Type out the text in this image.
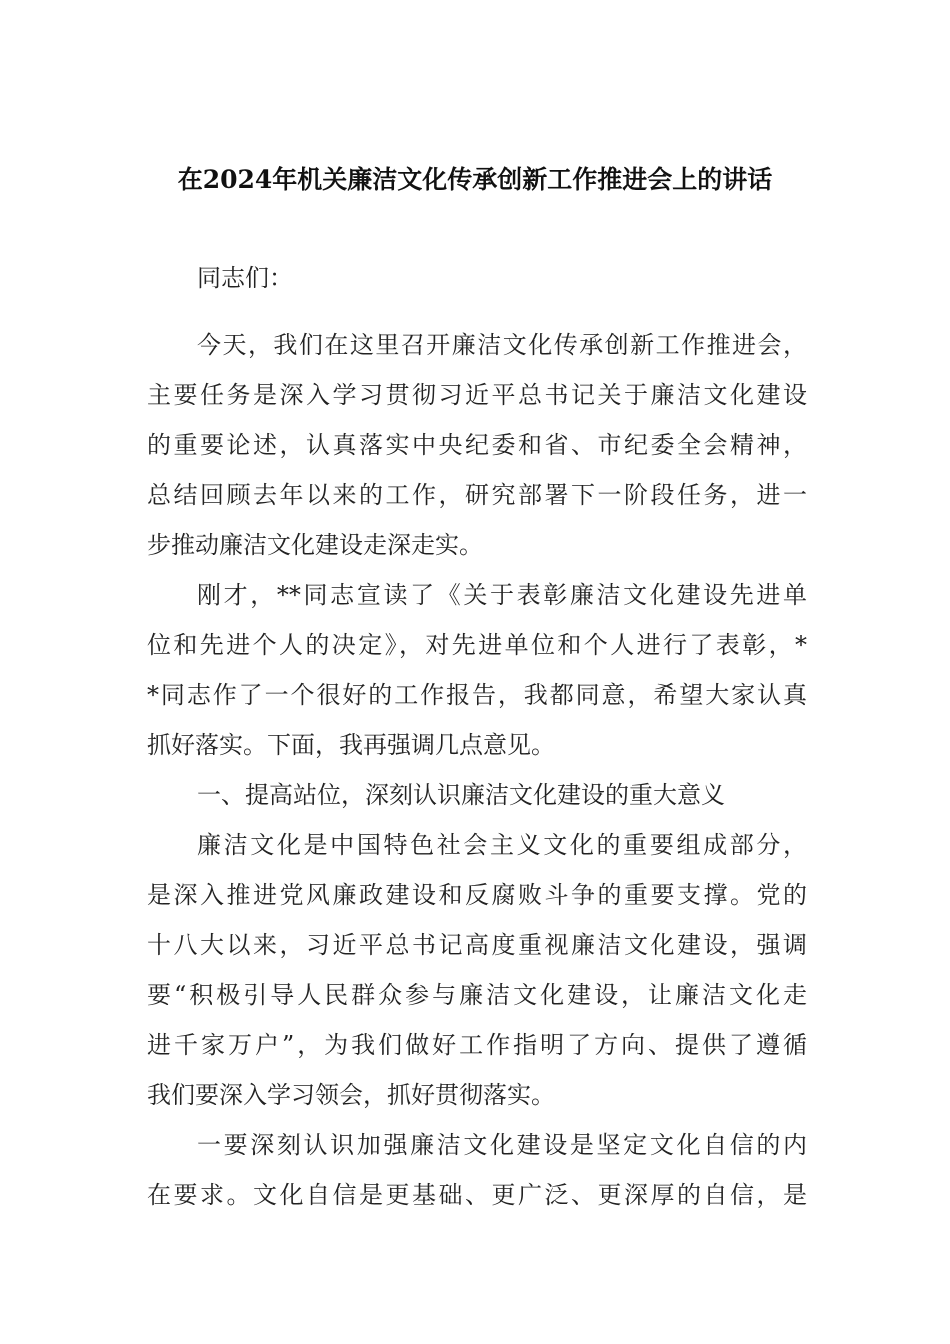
在2024年机关廉洁文化传承创新工作推进会上的讲话
同志们：
今天，我们在这里召开廉洁文化传承创新工作推进会，
主要任务是深入学习贯彻习近平总书记关于廉洁文化建设
的重要论述，认真落实中央纪委和省、市纪委全会精神，
总结回顾去年以来的工作，研究部署下一阶段任务，进一
步推动廉洁文化建设走深走实。
刚才，**同志宣读了《关于表彰廉洁文化建设先进单
位和先进个人的决定》，对先进单位和个人进行了表彰，*
*同志作了一个很好的工作报告，我都同意，希望大家认真
抓好落实。下面，我再强调几点意见。
一、提高站位，深刻认识廉洁文化建设的重大意义
廉洁文化是中国特色社会主义文化的重要组成部分，
是深入推进党风廉政建设和反腐败斗争的重要支撑。党的
十八大以来，习近平总书记高度重视廉洁文化建设，强调
要“积极引导人民群众参与廉洁文化建设，让廉洁文化走
进千家万户”，为我们做好工作指明了方向、提供了遵循
我们要深入学习领会，抓好贯彻落实。
一要深刻认识加强廉洁文化建设是坚定文化自信的内
在要求。文化自信是更基础、更广泛、更深厚的自信，是
